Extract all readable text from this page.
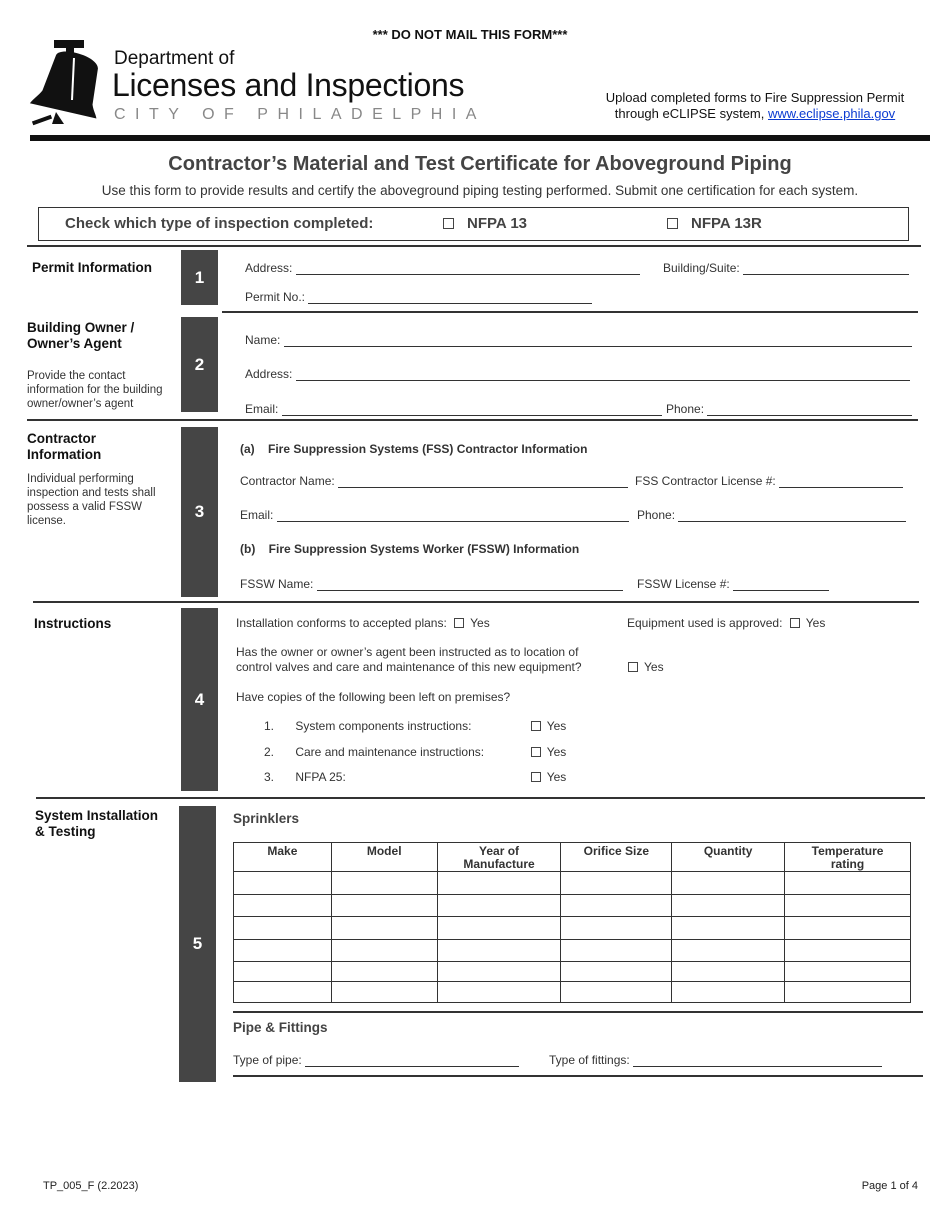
*** DO NOT MAIL THIS FORM***
Department of
Licenses and Inspections
CITY OF PHILADELPHIA
Upload completed forms to Fire Suppression Permit
through eCLIPSE system, www.eclipse.phila.gov
Contractor’s Material and Test Certificate for Aboveground Piping
Use this form to provide results and certify the aboveground piping testing performed. Submit one certification for each system.
Check which type of inspection completed:	NFPA 13	NFPA 13R
Permit Information	1	Address:	Building/Suite:
Permit No.:
Building Owner /
Owner’s Agent
Provide the contact information for the building owner/owner’s agent
2
Name:
Address:
Email:	Phone:
Contractor
Information
Individual performing inspection and tests shall possess a valid FSSW license.	3
(a) Fire Suppression Systems (FSS) Contractor Information
Contractor Name:	FSS Contractor License #:
Email:	Phone:
(b) Fire Suppression Systems Worker (FSSW) Information
FSSW Name:	FSSW License #:
Instructions
4
Installation conforms to accepted plans: Yes	Equipment used is approved: Yes
Has the owner or owner’s agent been instructed as to location of
control valves and care and maintenance of this new equipment?	Yes
Have copies of the following been left on premises?
1. System components instructions:	Yes
2. Care and maintenance instructions:	Yes
3. NFPA 25:	Yes
System Installation
& Testing
5
Sprinklers
Make	Model	Year of Manufacture	Orifice Size	Quantity	Temperature rating

Pipe & Fittings
Type of pipe:	Type of fittings:
TP_005_F (2.2023)	Page 1 of 4
